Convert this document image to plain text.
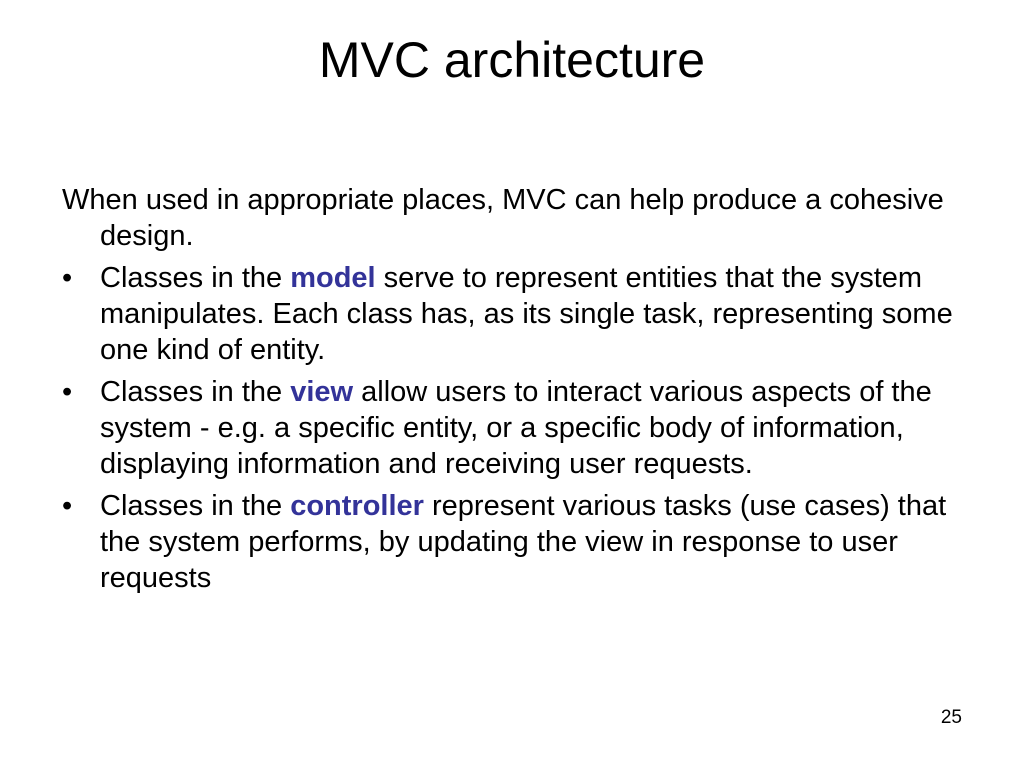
MVC architecture

When used in appropriate places, MVC can help produce a cohesive design.

• Classes in the model serve to represent entities that the system manipulates. Each class has, as its single task, representing some one kind of entity.
• Classes in the view allow users to interact various aspects of the system - e.g. a specific entity, or a specific body of information, displaying information and receiving user requests.
• Classes in the controller represent various tasks (use cases) that the system performs, by updating the view in response to user requests
25
